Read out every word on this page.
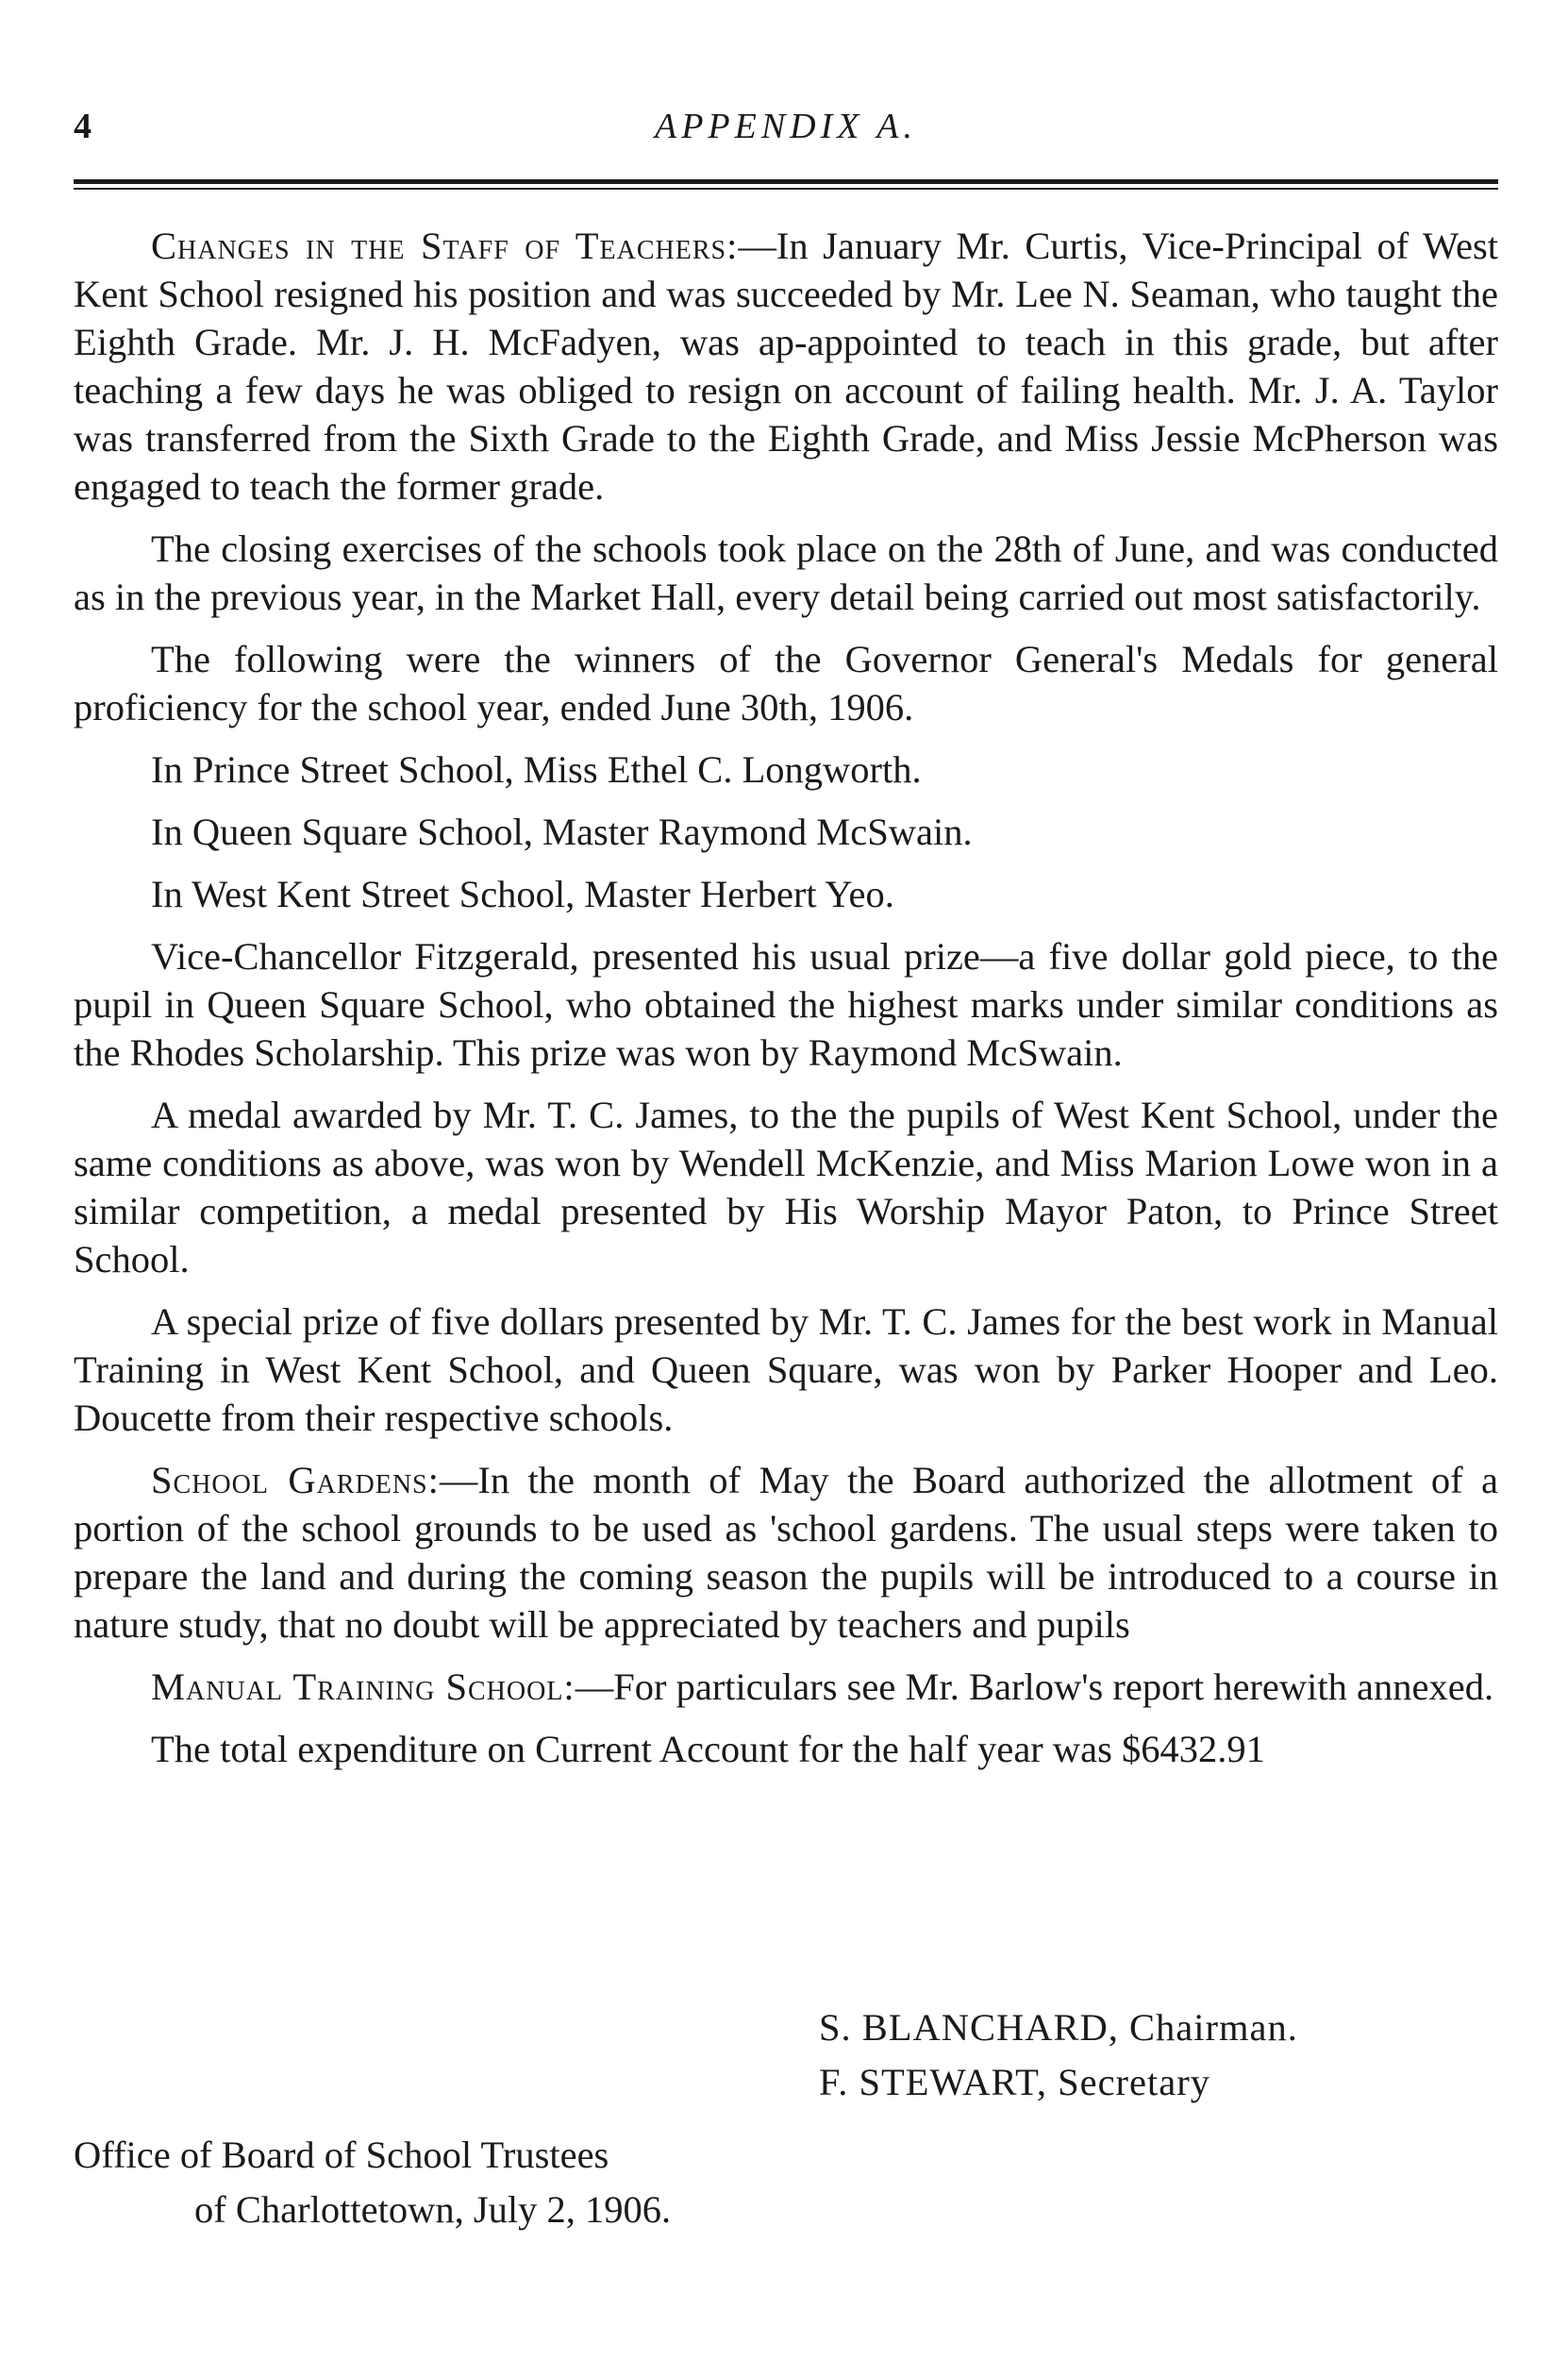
4	APPENDIX A.

Changes in the Staff of Teachers:—In January Mr. Curtis, Vice-Principal of West Kent School resigned his position and was succeeded by Mr. Lee N. Seaman, who taught the Eighth Grade. Mr. J. H. McFadyen, was ap-appointed to teach in this grade, but after teaching a few days he was obliged to resign on account of failing health. Mr. J. A. Taylor was transferred from the Sixth Grade to the Eighth Grade, and Miss Jessie McPherson was engaged to teach the former grade.

The closing exercises of the schools took place on the 28th of June, and was conducted as in the previous year, in the Market Hall, every detail being carried out most satisfactorily.

The following were the winners of the Governor General's Medals for general proficiency for the school year, ended June 30th, 1906.

In Prince Street School, Miss Ethel C. Longworth.

In Queen Square School, Master Raymond McSwain.

In West Kent Street School, Master Herbert Yeo.

Vice-Chancellor Fitzgerald, presented his usual prize—a five dollar gold piece, to the pupil in Queen Square School, who obtained the highest marks under similar conditions as the Rhodes Scholarship. This prize was won by Raymond McSwain.

A medal awarded by Mr. T. C. James, to the the pupils of West Kent School, under the same conditions as above, was won by Wendell McKenzie, and Miss Marion Lowe won in a similar competition, a medal presented by His Worship Mayor Paton, to Prince Street School.

A special prize of five dollars presented by Mr. T. C. James for the best work in Manual Training in West Kent School, and Queen Square, was won by Parker Hooper and Leo. Doucette from their respective schools.

School Gardens:—In the month of May the Board authorized the allotment of a portion of the school grounds to be used as 'school gardens. The usual steps were taken to prepare the land and during the coming season the pupils will be introduced to a course in nature study, that no doubt will be appreciated by teachers and pupils

Manual Training School:—For particulars see Mr. Barlow's report herewith annexed.

The total expenditure on Current Account for the half year was $6432.91

S. BLANCHARD, Chairman.
F. STEWART, Secretary
Office of Board of School Trustees
of Charlottetown, July 2, 1906.
